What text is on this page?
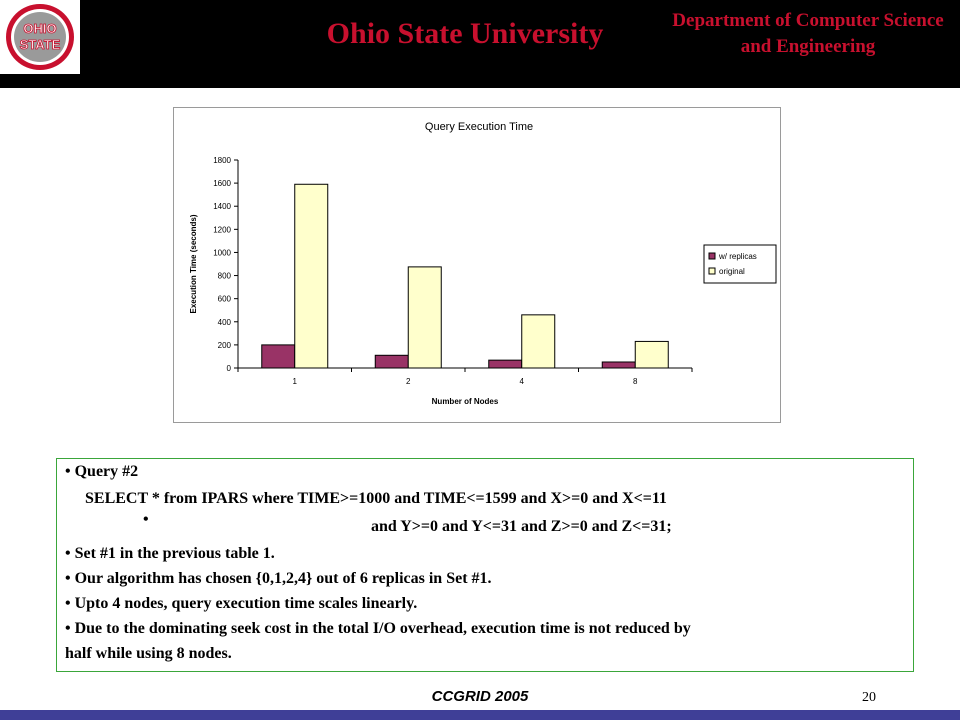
OHIO
STATE	Ohio State University	Department of Computer Science and Engineering
Query Execution Time
0
200
400
600
800
1000
1200
1400
1600
1800
1	2	4	8
Number of Nodes
Execution Time (seconds)	w/ replicas
original
• Query #2
SELECT * from IPARS where TIME>=1000 and TIME<=1599 and X>=0 and X<=11
•	and Y>=0 and Y<=31 and Z>=0 and Z<=31;
• Set #1 in the previous table 1.
• Our algorithm has chosen {0,1,2,4} out of 6 replicas in Set #1.
• Upto 4 nodes, query execution time scales linearly.
• Due to the dominating seek cost in the total I/O overhead, execution time is not reduced by
half while using 8 nodes.
CCGRID 2005	20
